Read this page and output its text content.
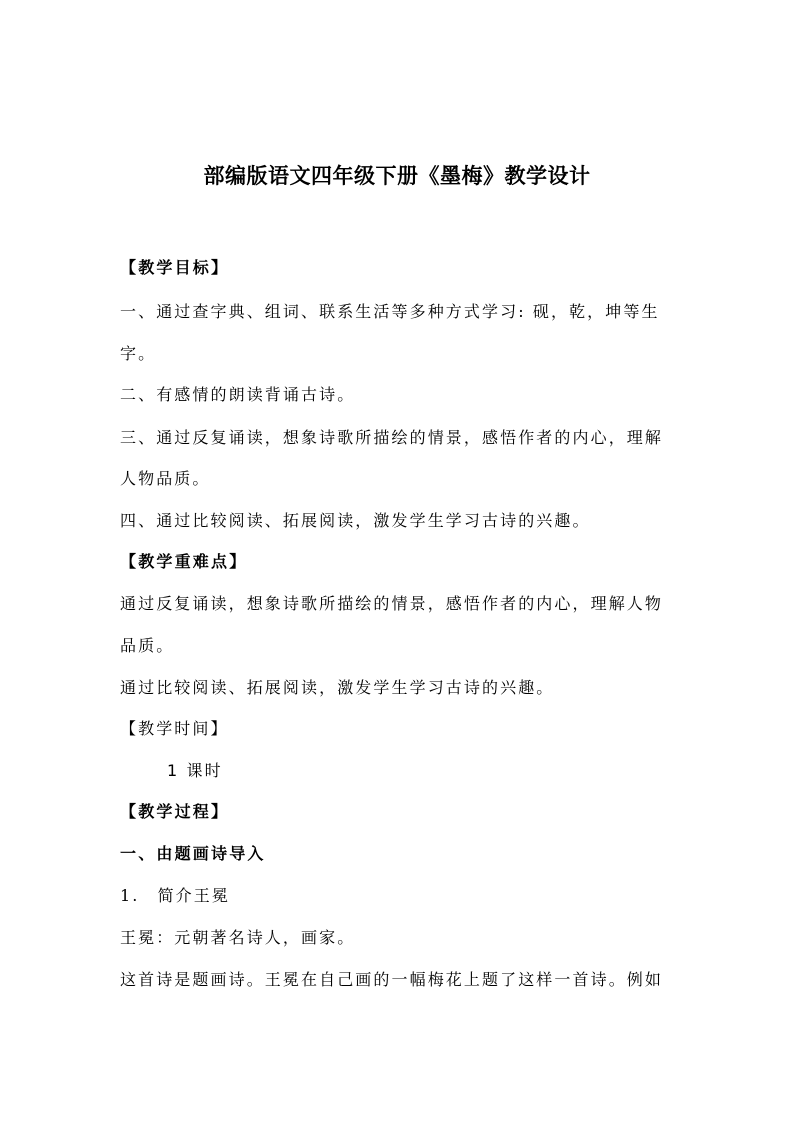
部编版语文四年级下册《墨梅》教学设计
【教学目标】
一、通过查字典、组词、联系生活等多种方式学习: 砚，乾，坤等生
字。
二、有感情的朗读背诵古诗。
三、通过反复诵读，想象诗歌所描绘的情景，感悟作者的内心，理解
人物品质。
四、通过比较阅读、拓展阅读，激发学生学习古诗的兴趣。
【教学重难点】
通过反复诵读，想象诗歌所描绘的情景，感悟作者的内心，理解人物
品质。
通过比较阅读、拓展阅读，激发学生学习古诗的兴趣。
【教学时间】
1 课时
【教学过程】
一、由题画诗导入
1.　简介王冕
王冕：元朝著名诗人，画家。
这首诗是题画诗。王冕在自己画的一幅梅花上题了这样一首诗。例如
